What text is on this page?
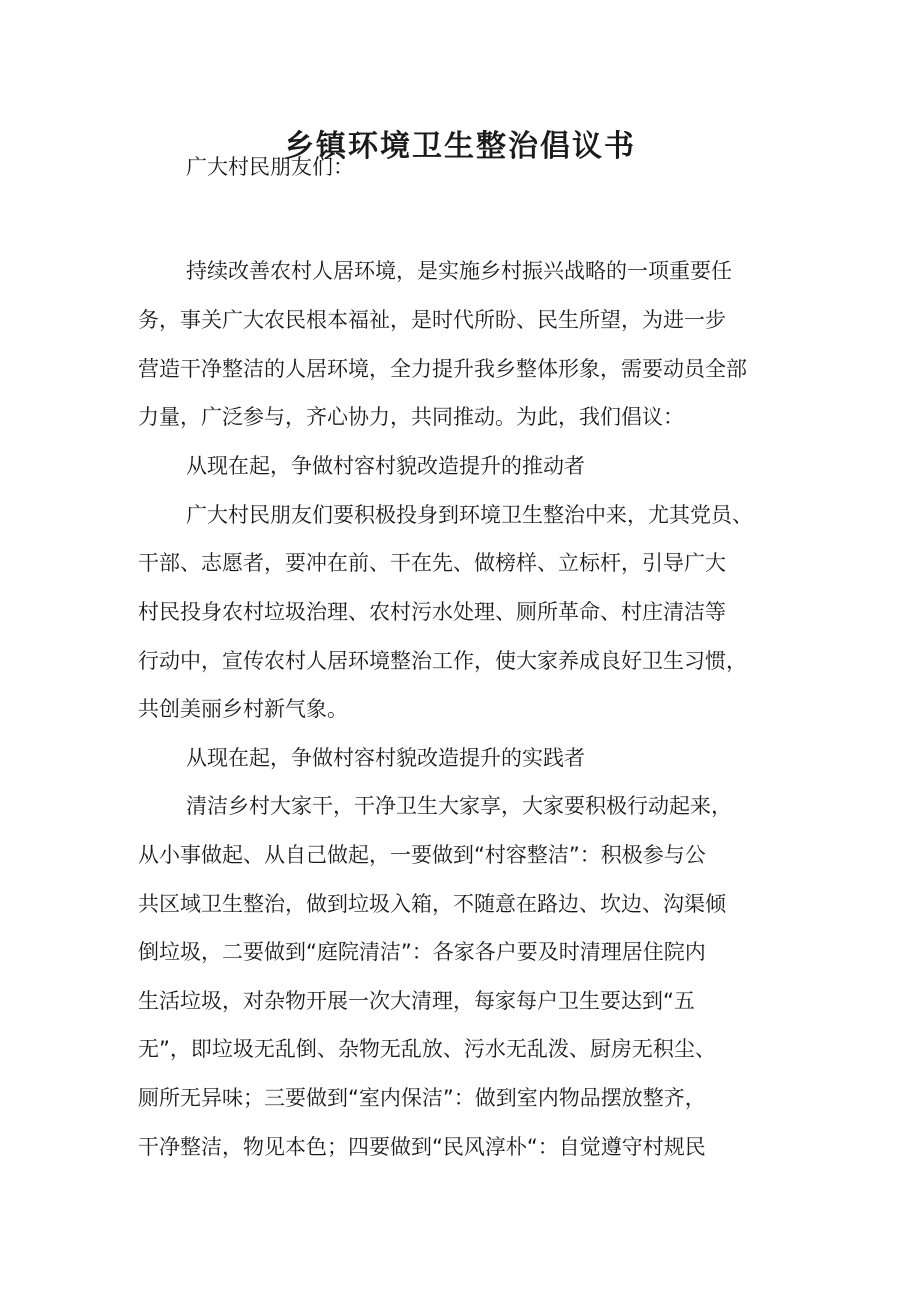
乡镇环境卫生整治倡议书

广大村民朋友们：

持续改善农村人居环境，是实施乡村振兴战略的一项重要任

务，事关广大农民根本福祉，是时代所盼、民生所望，为进一步

营造干净整洁的人居环境，全力提升我乡整体形象，需要动员全部

力量，广泛参与，齐心协力，共同推动。为此，我们倡议：

从现在起，争做村容村貌改造提升的推动者

广大村民朋友们要积极投身到环境卫生整治中来，尤其党员、

干部、志愿者，要冲在前、干在先、做榜样、立标杆，引导广大

村民投身农村垃圾治理、农村污水处理、厕所革命、村庄清洁等

行动中，宣传农村人居环境整治工作，使大家养成良好卫生习惯，

共创美丽乡村新气象。

从现在起，争做村容村貌改造提升的实践者

清洁乡村大家干，干净卫生大家享，大家要积极行动起来，

从小事做起、从自己做起，一要做到“村容整洁”：积极参与公

共区域卫生整治，做到垃圾入箱，不随意在路边、坎边、沟渠倾

倒垃圾，二要做到“庭院清洁”：各家各户要及时清理居住院内

生活垃圾，对杂物开展一次大清理，每家每户卫生要达到“五

无”，即垃圾无乱倒、杂物无乱放、污水无乱泼、厨房无积尘、

厕所无异味；三要做到“室内保洁”：做到室内物品摆放整齐，

干净整洁，物见本色；四要做到“民风淳朴“：自觉遵守村规民
